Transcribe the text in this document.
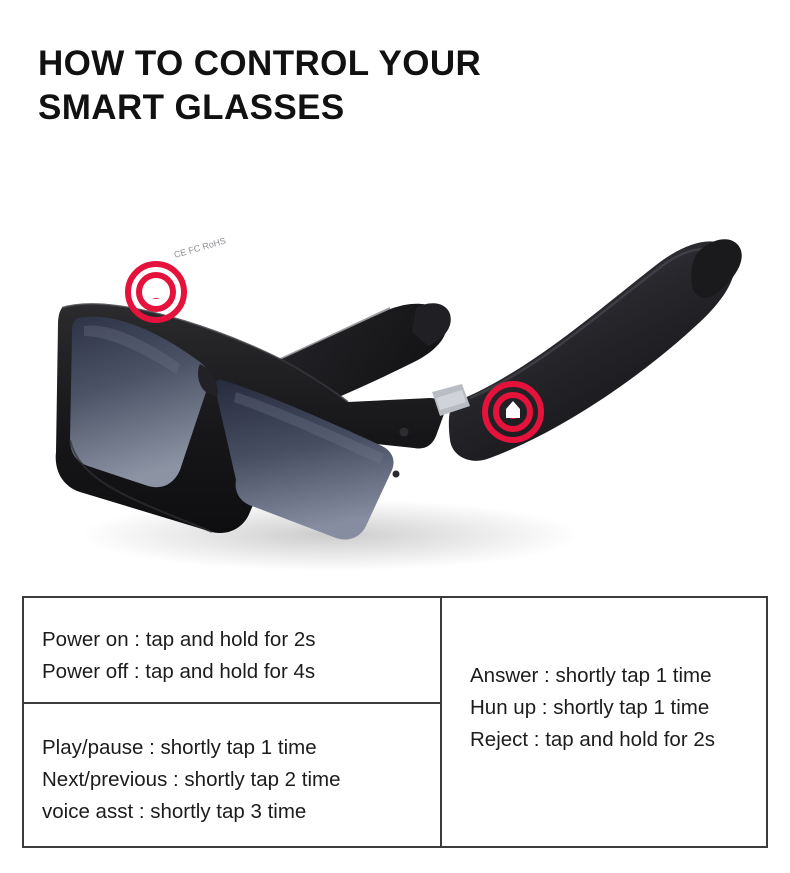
HOW TO CONTROL YOUR
SMART GLASSES
CE FC RoHS
Power on : tap and hold for 2s
Power off : tap and hold for 4s
Play/pause : shortly tap 1 time
Next/previous : shortly tap 2 time
voice asst : shortly tap 3 time
Answer : shortly tap 1 time
Hun up : shortly tap 1 time
Reject : tap and hold for 2s
